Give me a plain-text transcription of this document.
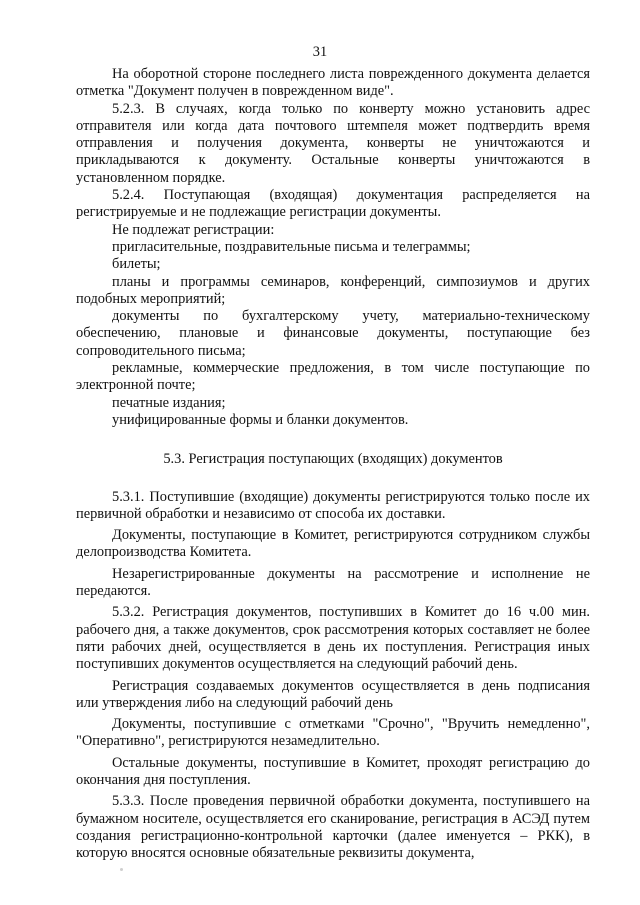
31

На оборотной стороне последнего листа поврежденного документа делается отметка "Документ получен в поврежденном виде".

5.2.3. В случаях, когда только по конверту можно установить адрес отправителя или когда дата почтового штемпеля может подтвердить время отправления и получения документа, конверты не уничтожаются и прикладываются к документу. Остальные конверты уничтожаются в установленном порядке.

5.2.4. Поступающая (входящая) документация распределяется на регистрируемые и не подлежащие регистрации документы.

Не подлежат регистрации:

пригласительные, поздравительные письма и телеграммы;

билеты;

планы и программы семинаров, конференций, симпозиумов и других подобных мероприятий;

документы по бухгалтерскому учету, материально-техническому обеспечению, плановые и финансовые документы, поступающие без сопроводительного письма;

рекламные, коммерческие предложения, в том числе поступающие по электронной почте;

печатные издания;

унифицированные формы и бланки документов.

5.3. Регистрация поступающих (входящих) документов

5.3.1. Поступившие (входящие) документы регистрируются только после их первичной обработки и независимо от способа их доставки.

Документы, поступающие в Комитет, регистрируются сотрудником службы делопроизводства Комитета.

Незарегистрированные документы на рассмотрение и исполнение не передаются.

5.3.2. Регистрация документов, поступивших в Комитет до 16 ч.00 мин. рабочего дня, а также документов, срок рассмотрения которых составляет не более пяти рабочих дней, осуществляется в день их поступления. Регистрация иных поступивших документов осуществляется на следующий рабочий день.

Регистрация создаваемых документов осуществляется в день подписания или утверждения либо на следующий рабочий день

Документы, поступившие с отметками "Срочно", "Вручить немедленно", "Оперативно", регистрируются незамедлительно.

Остальные документы, поступившие в Комитет, проходят регистрацию до окончания дня поступления.

5.3.3. После проведения первичной обработки документа, поступившего на бумажном носителе, осуществляется его сканирование, регистрация в АСЭД путем создания регистрационно-контрольной карточки (далее именуется – РКК), в которую вносятся основные обязательные реквизиты документа,
